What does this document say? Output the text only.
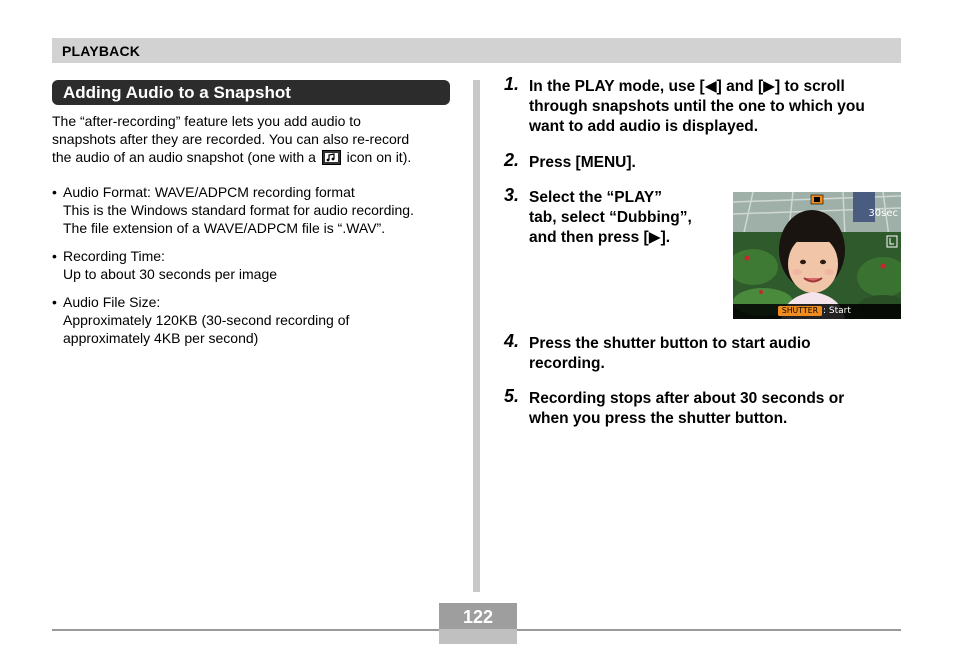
PLAYBACK
Adding Audio to a Snapshot
The “after-recording” feature lets you add audio to
snapshots after they are recorded. You can also re-record
the audio of an audio snapshot (one with a icon on it).
• Audio Format: WAVE/ADPCM recording format
This is the Windows standard format for audio recording.
The file extension of a WAVE/ADPCM file is “.WAV”.
• Recording Time:
Up to about 30 seconds per image
• Audio File Size:
Approximately 120KB (30-second recording of
approximately 4KB per second)
1. In the PLAY mode, use [◀] and [▶] to scroll
through snapshots until the one to which you
want to add audio is displayed.
2. Press [MENU].
3. Select the “PLAY”
tab, select “Dubbing”,
and then press [▶].
30sec
SHUTTER : Start
4. Press the shutter button to start audio
recording.
5. Recording stops after about 30 seconds or
when you press the shutter button.
122
